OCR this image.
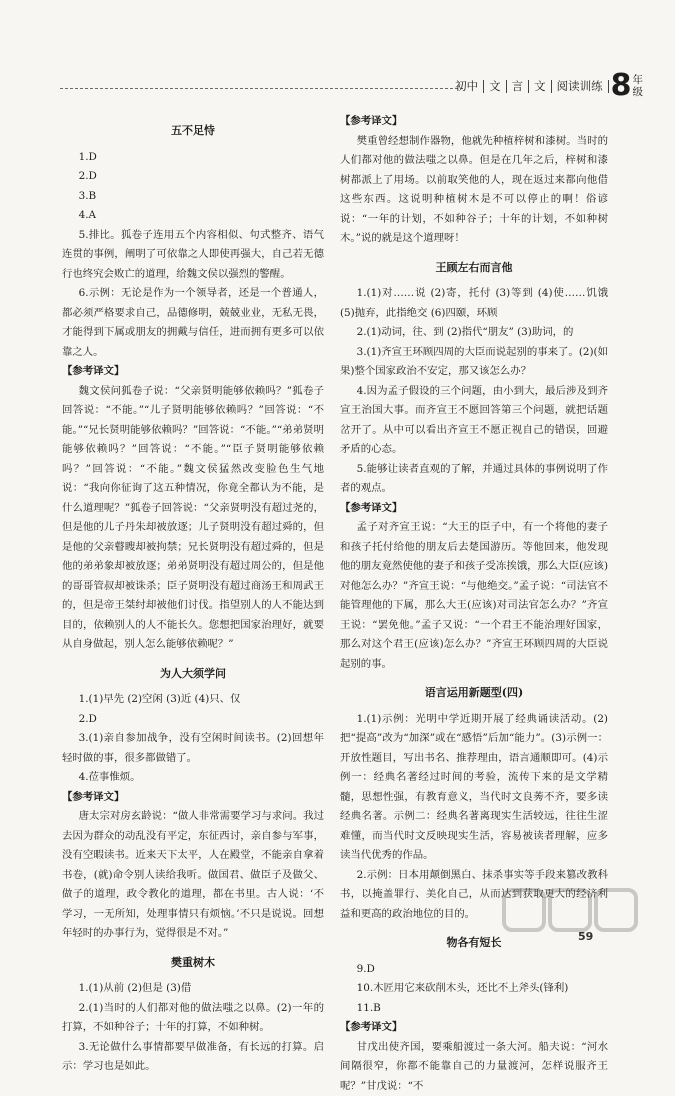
初中 文 言 文 阅读训练 8 年
级
五不足恃

1.D

2.D

3.B

4.A

5.排比。狐卷子连用五个内容相似、句式整齐、语气连贯的事例，阐明了可依靠之人即使再强大，自己若无德行也终究会败亡的道理，给魏文侯以强烈的警醒。

6.示例：无论是作为一个领导者，还是一个普通人，都必须严格要求自己，品德修明，兢兢业业，无私无畏，才能得到下属或朋友的拥戴与信任，进而拥有更多可以依靠之人。

【参考译文】

魏文侯问狐卷子说：“父亲贤明能够依赖吗？”狐卷子回答说：“不能。”“儿子贤明能够依赖吗？”回答说：“不能。”“兄长贤明能够依赖吗？”回答说：“不能。”“弟弟贤明能够依赖吗？”回答说：“不能。”“臣子贤明能够依赖吗？”回答说：“不能。”魏文侯猛然改变脸色生气地说：“我向你征询了这五种情况，你竟全都认为不能，是什么道理呢？”狐卷子回答说：“父亲贤明没有超过尧的，但是他的儿子丹朱却被放逐；儿子贤明没有超过舜的，但是他的父亲瞽瞍却被拘禁；兄长贤明没有超过舜的，但是他的弟弟象却被放逐；弟弟贤明没有超过周公的，但是他的哥哥管叔却被诛杀；臣子贤明没有超过商汤王和周武王的，但是帝王桀纣却被他们讨伐。指望别人的人不能达到目的，依赖别人的人不能长久。您想把国家治理好，就要从自身做起，别人怎么能够依赖呢？”

为人大须学问

1.(1)早先 (2)空闲 (3)近 (4)只、仅

2.D

3.(1)亲自参加战争，没有空闲时间读书。(2)回想年轻时做的事，很多都做错了。

4.莅事惟烦。

【参考译文】

唐太宗对房玄龄说：“做人非常需要学习与求问。我过去因为群众的动乱没有平定，东征西讨，亲自参与军事，没有空暇读书。近来天下太平，人在殿堂，不能亲自拿着书卷，(就)命令别人读给我听。做国君、做臣子及做父、做子的道理，政令教化的道理，都在书里。古人说：‘不学习，一无所知，处理事情只有烦恼。’不只是说说。回想年轻时的办事行为，觉得很是不对。”

樊重树木

1.(1)从前 (2)但是 (3)借

2.(1)当时的人们都对他的做法嗤之以鼻。(2)一年的打算，不如种谷子；十年的打算，不如种树。

3.无论做什么事情都要早做准备，有长远的打算。启示：学习也是如此。

【参考译文】

樊重曾经想制作器物，他就先种植梓树和漆树。当时的人们都对他的做法嗤之以鼻。但是在几年之后，梓树和漆树都派上了用场。以前取笑他的人，现在返过来都向他借这些东西。这说明种植树木是不可以停止的啊！俗谚说：“一年的计划，不如种谷子；十年的计划，不如种树木。”说的就是这个道理呀！

王顾左右而言他

1.(1)对……说 (2)寄，托付 (3)等到 (4)使……饥饿 (5)抛弃，此指绝交 (6)四颐，环顾

2.(1)动词，往、到 (2)指代“朋友” (3)助词，的

3.(1)齐宣王环顾四周的大臣而说起别的事来了。(2)(如果)整个国家政治不安定，那又该怎么办？

4.因为孟子假设的三个问题，由小到大，最后涉及到齐宣王治国大事。而齐宣王不愿回答第三个问题，就把话题岔开了。从中可以看出齐宣王不愿正视自己的错误，回避矛盾的心态。

5.能够让读者直观的了解，并通过具体的事例说明了作者的观点。

【参考译文】

孟子对齐宣王说：“大王的臣子中，有一个将他的妻子和孩子托付给他的朋友后去楚国游历。等他回来，他发现他的朋友竟然使他的妻子和孩子受冻挨饿，那么大臣(应该)对他怎么办？”齐宣王说：“与他绝交。”孟子说：“司法官不能管理他的下属，那么大王(应该)对司法官怎么办？”齐宣王说：“罢免他。”孟子又说：“一个君王不能治理好国家，那么对这个君王(应该)怎么办？”齐宣王环顾四周的大臣说起别的事。

语言运用新题型(四)

1.(1)示例：光明中学近期开展了经典诵读活动。(2)把“提高”改为“加深”或在“感悟”后加“能力”。(3)示例一：开放性题目，写出书名、推荐理由，语言通顺即可。(4)示例一：经典名著经过时间的考验，流传下来的是文学精髓，思想性强，有教育意义，当代时文良莠不齐，要多读经典名著。示例二：经典名著离现实生活较远，往往生涩难懂，而当代时文反映现实生活，容易被读者理解，应多读当代优秀的作品。

2.示例：日本用颠倒黑白、抹杀事实等手段来篡改教科书，以掩盖罪行、美化自己，从而达到获取更大的经济利益和更高的政治地位的目的。

物各有短长

9.D

10.木匠用它来砍削木头，还比不上斧头(锋利)

11.B

【参考译文】

甘戊出使齐国，要乘船渡过一条大河。船夫说：“河水间隔很窄，你都不能靠自己的力量渡河，怎样说服齐王呢？”甘戊说：“不

59
